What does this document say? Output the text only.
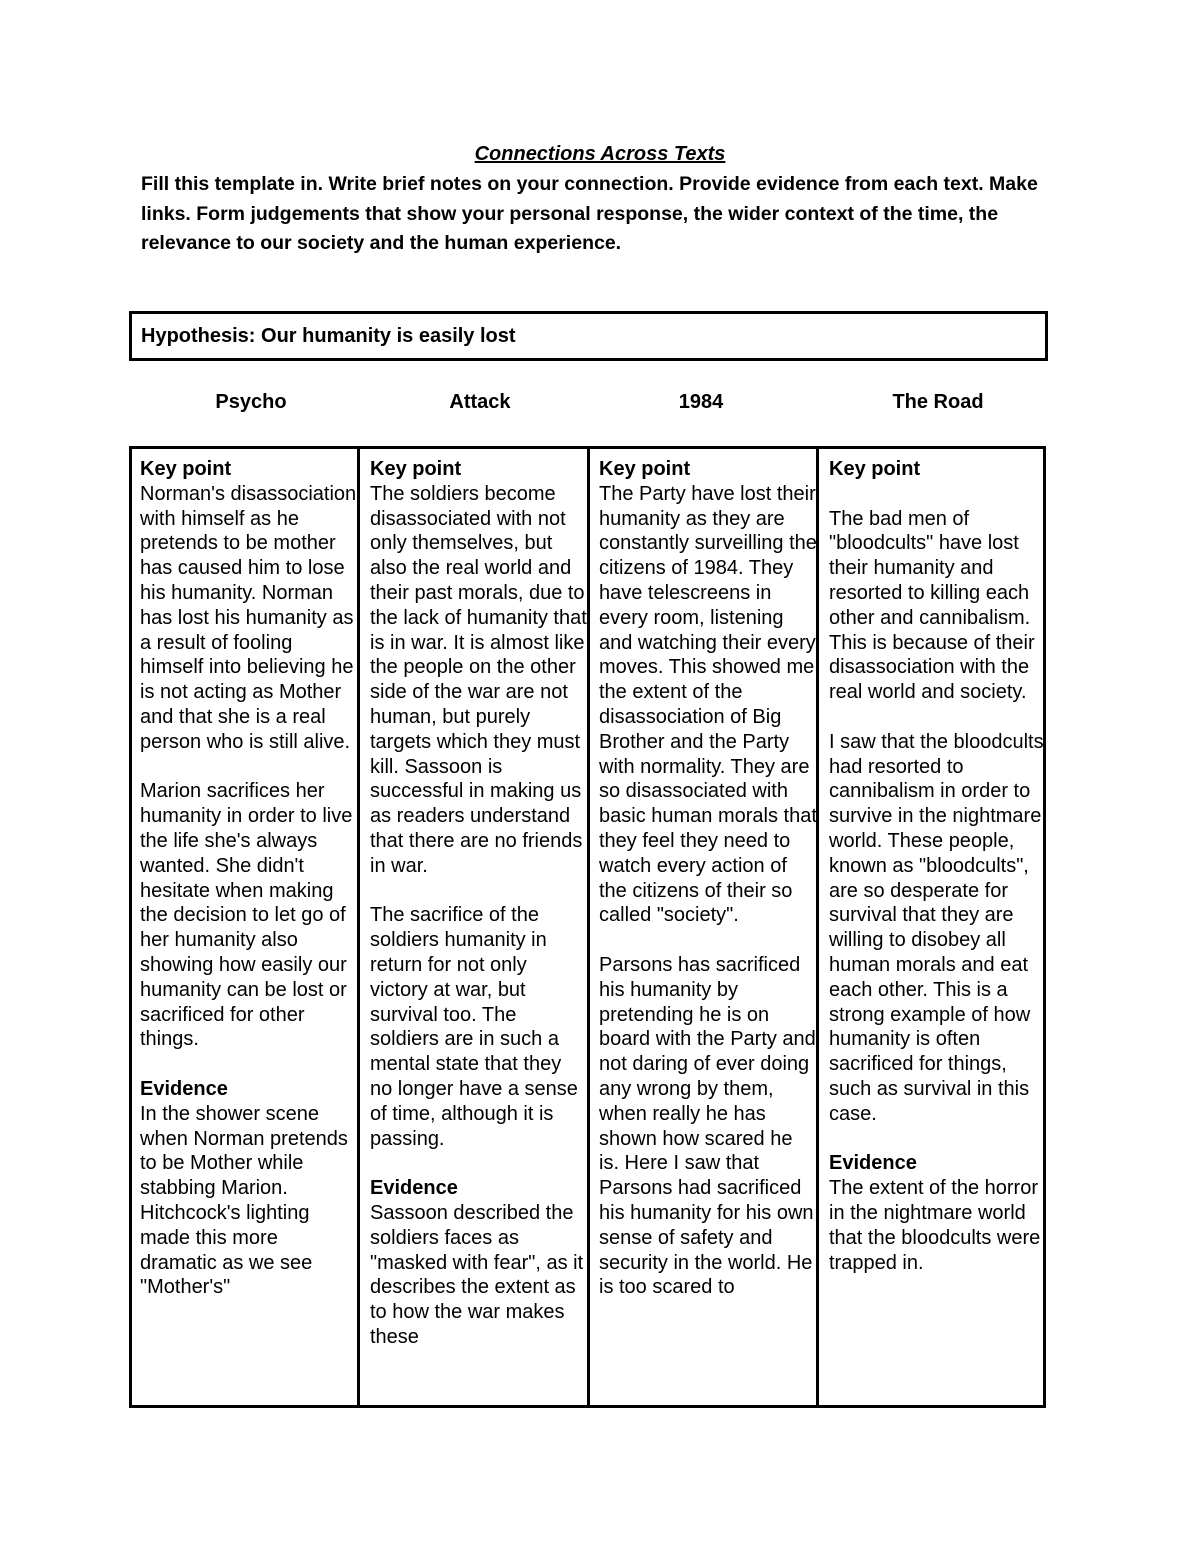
Connections Across Texts
Fill this template in. Write brief notes on your connection. Provide evidence from each text. Make links. Form judgements that show your personal response, the wider context of the time, the relevance to our society and the human experience.
Hypothesis: Our humanity is easily lost
Psycho	Attack	1984	The Road

Key point

Norman's disassociation with himself as he pretends to be mother has caused him to lose his humanity. Norman has lost his humanity as a result of fooling himself into believing he is not acting as Mother and that she is a real person who is still alive.

Marion sacrifices her humanity in order to live the life she's always wanted. She didn't hesitate when making the decision to let go of her humanity also showing how easily our humanity can be lost or sacrificed for other things.

Evidence

In the shower scene when Norman pretends to be Mother while stabbing Marion. Hitchcock's lighting made this more dramatic as we see "Mother's"

Key point

The soldiers become disassociated with not only themselves, but also the real world and their past morals, due to the lack of humanity that is in war. It is almost like the people on the other side of the war are not human, but purely targets which they must kill. Sassoon is successful in making us as readers understand that there are no friends in war.

The sacrifice of the soldiers humanity in return for not only victory at war, but survival too. The soldiers are in such a mental state that they no longer have a sense of time, although it is passing.

Evidence

Sassoon described the soldiers faces as "masked with fear", as it describes the extent as to how the war makes these

Key point

The Party have lost their humanity as they are constantly surveilling the citizens of 1984. They have telescreens in every room, listening and watching their every moves. This showed me the extent of the disassociation of Big Brother and the Party with normality. They are so disassociated with basic human morals that they feel they need to watch every action of the citizens of their so called "society".

Parsons has sacrificed his humanity by pretending he is on board with the Party and not daring of ever doing any wrong by them, when really he has shown how scared he is. Here I saw that Parsons had sacrificed his humanity for his own sense of safety and security in the world. He is too scared to

Key point

The bad men of "bloodcults" have lost their humanity and resorted to killing each other and cannibalism. This is because of their disassociation with the real world and society.

I saw that the bloodcults had resorted to cannibalism in order to survive in the nightmare world. These people, known as "bloodcults", are so desperate for survival that they are willing to disobey all human morals and eat each other. This is a strong example of how humanity is often sacrificed for things, such as survival in this case.

Evidence

The extent of the horror in the nightmare world that the bloodcults were trapped in.
